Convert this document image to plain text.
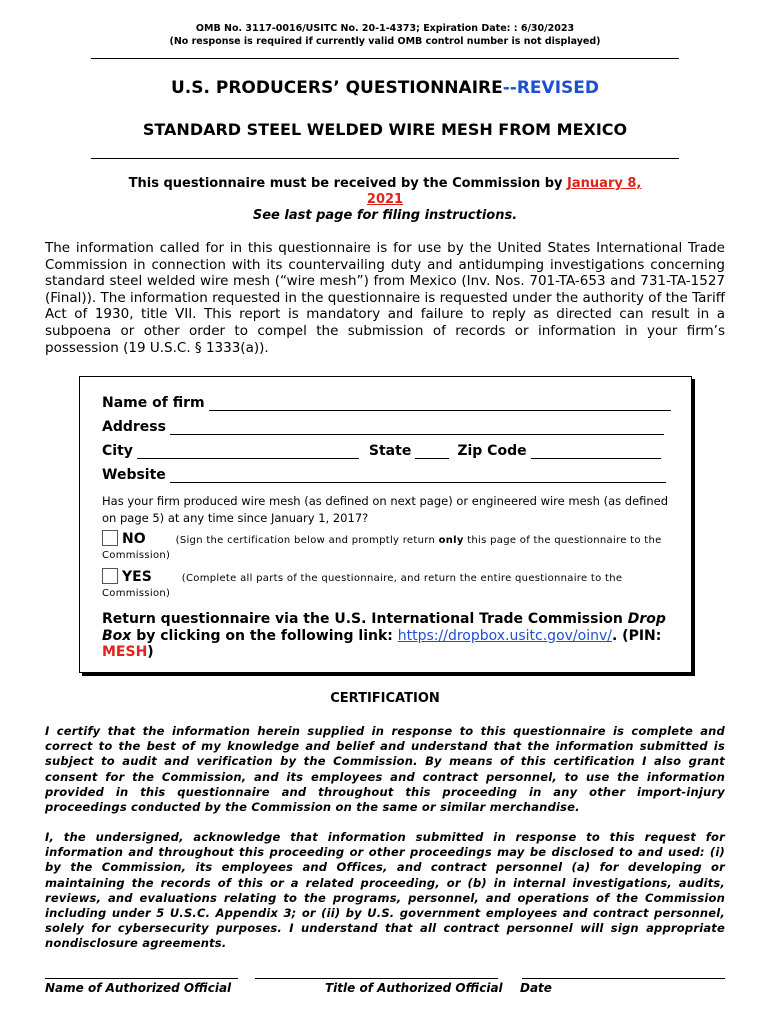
OMB No. 3117-0016/USITC No. 20-1-4373; Expiration Date: : 6/30/2023
(No response is required if currently valid OMB control number is not displayed)
U.S. PRODUCERS’ QUESTIONNAIRE--REVISED
STANDARD STEEL WELDED WIRE MESH FROM MEXICO
This questionnaire must be received by the Commission by January 8,
2021
See last page for filing instructions.
The information called for in this questionnaire is for use by the United States International Trade Commission in connection with its countervailing duty and antidumping investigations concerning standard steel welded wire mesh (“wire mesh”) from Mexico (Inv. Nos. 701-TA-653 and 731-TA-1527 (Final)). The information requested in the questionnaire is requested under the authority of the Tariff Act of 1930, title VII. This report is mandatory and failure to reply as directed can result in a subpoena or other order to compel the submission of records or information in your firm’s possession (19 U.S.C. § 1333(a)).
Name of firm
Address
City	State	Zip Code
Website
Has your firm produced wire mesh (as defined on next page) or engineered wire mesh (as defined on page 5) at any time since January 1, 2017?
NO	(Sign the certification below and promptly return only this page of the questionnaire to the Commission)
YES	(Complete all parts of the questionnaire, and return the entire questionnaire to the Commission)
Return questionnaire via the U.S. International Trade Commission Drop Box by clicking on the following link: https://dropbox.usitc.gov/oinv/. (PIN: MESH)
CERTIFICATION
I certify that the information herein supplied in response to this questionnaire is complete and correct to the best of my knowledge and belief and understand that the information submitted is subject to audit and verification by the Commission. By means of this certification I also grant consent for the Commission, and its employees and contract personnel, to use the information provided in this questionnaire and throughout this proceeding in any other import-injury proceedings conducted by the Commission on the same or similar merchandise.
I, the undersigned, acknowledge that information submitted in response to this request for information and throughout this proceeding or other proceedings may be disclosed to and used: (i) by the Commission, its employees and Offices, and contract personnel (a) for developing or maintaining the records of this or a related proceeding, or (b) in internal investigations, audits, reviews, and evaluations relating to the programs, personnel, and operations of the Commission including under 5 U.S.C. Appendix 3; or (ii) by U.S. government employees and contract personnel, solely for cybersecurity purposes. I understand that all contract personnel will sign appropriate nondisclosure agreements.
Name of Authorized Official	Title of Authorized Official Date
